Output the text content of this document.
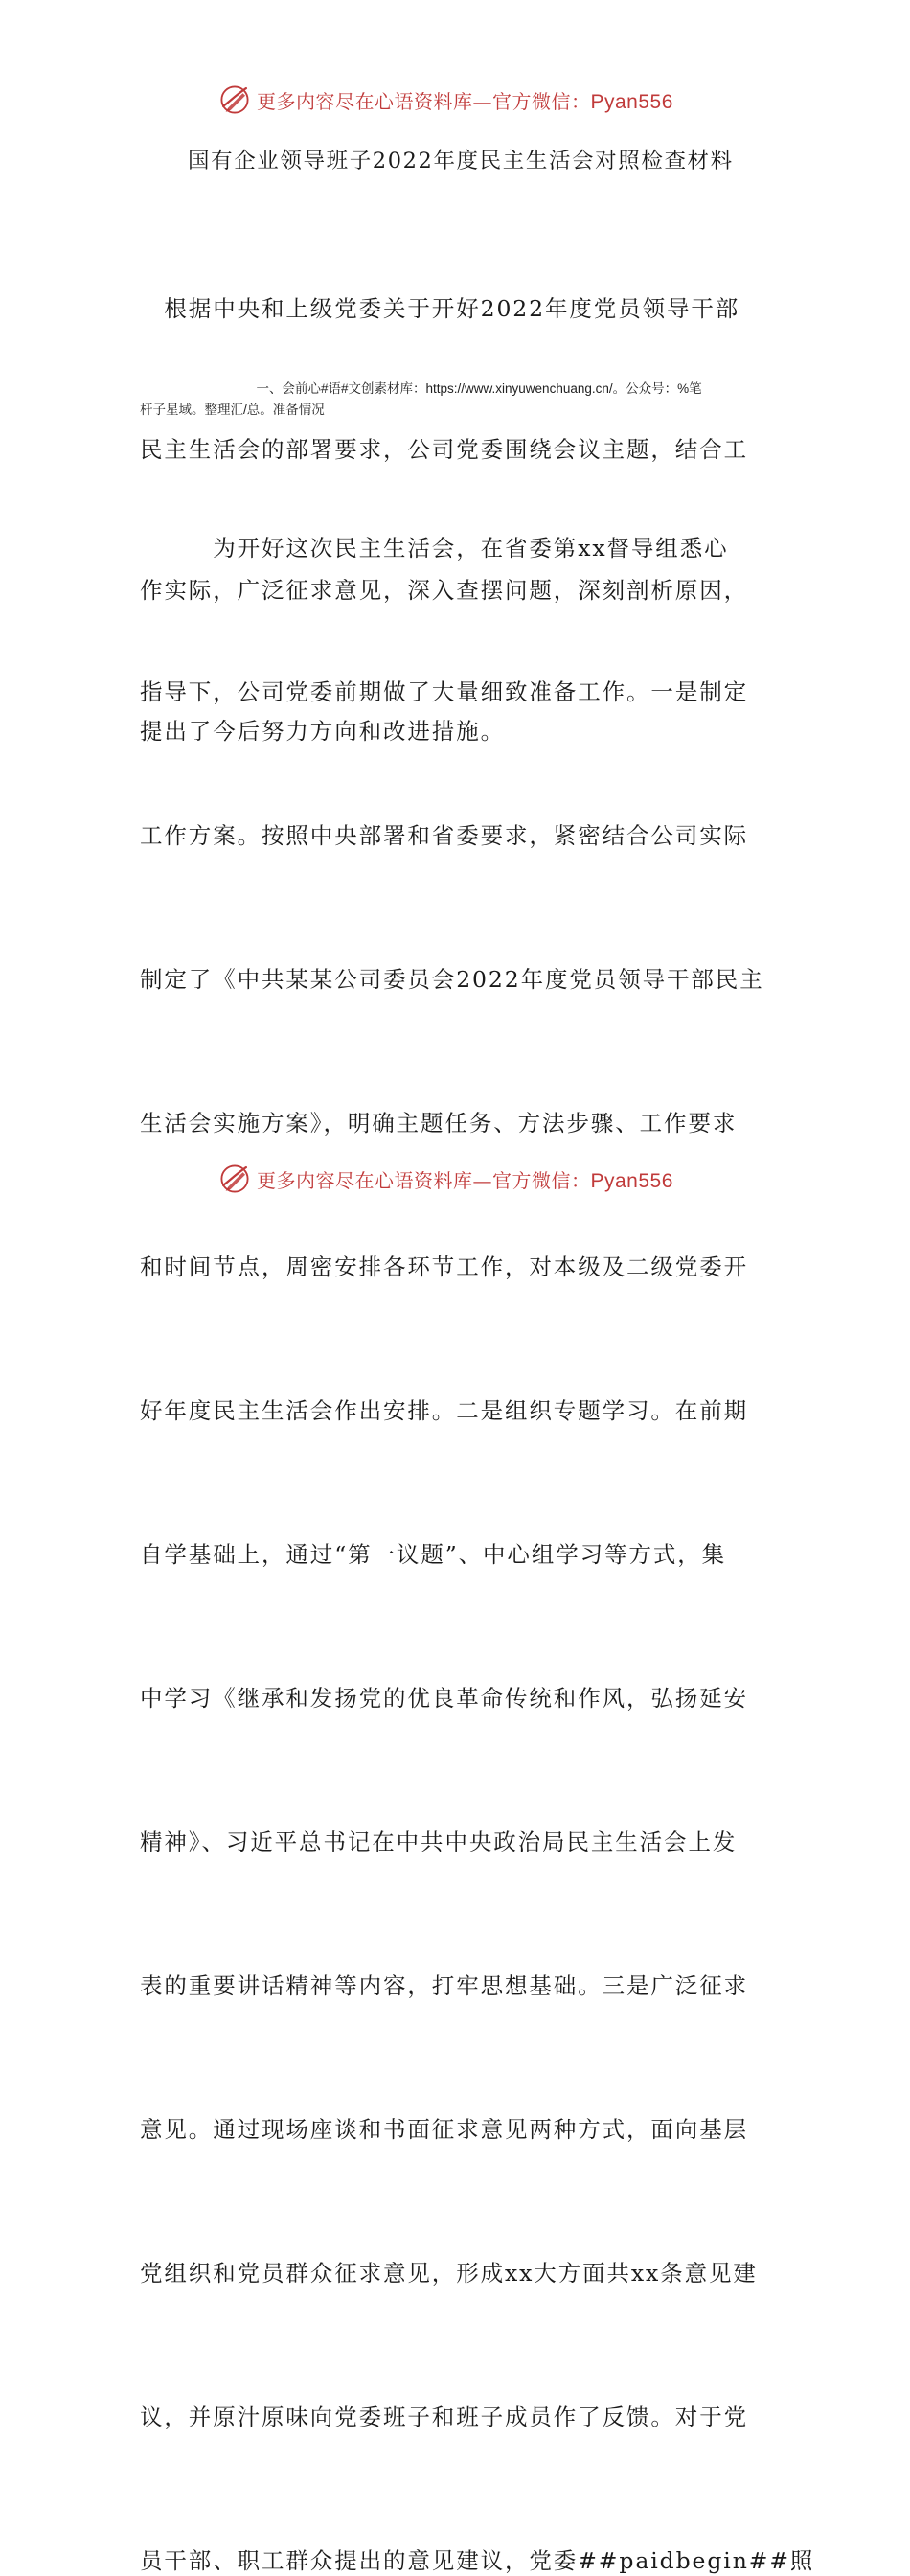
更多内容尽在心语资料库—官方微信：Pyan556
国有企业领导班子2022年度民主生活会对照检查材料

　根据中央和上级党委关于开好2022年度党员领导干部

民主生活会的部署要求，公司党委围绕会议主题，结合工

作实际，广泛征求意见，深入查摆问题，深刻剖析原因，

提出了今后努力方向和改进措施。

　　　　　　　　　一、会前心#语#文创素材库：https://www.xinyuwenchuang.cn/。公众号：%笔
杆子星域。整理汇/总。准备情况

　　　为开好这次民主生活会，在省委第xx督导组悉心

指导下，公司党委前期做了大量细致准备工作。一是制定

工作方案。按照中央部署和省委要求，紧密结合公司实际

制定了《中共某某公司委员会2022年度党员领导干部民主

生活会实施方案》，明确主题任务、方法步骤、工作要求

和时间节点，周密安排各环节工作，对本级及二级党委开

好年度民主生活会作出安排。二是组织专题学习。在前期

自学基础上，通过“第一议题”、中心组学习等方式，集

中学习《继承和发扬党的优良革命传统和作风，弘扬延安

精神》、习近平总书记在中共中央政治局民主生活会上发

表的重要讲话精神等内容，打牢思想基础。三是广泛征求

意见。通过现场座谈和书面征求意见两种方式，面向基层

党组织和党员群众征求意见，形成xx大方面共xx条意见建

议，并原汁原味向党委班子和班子成员作了反馈。对于党

员干部、职工群众提出的意见建议，党委##paidbegin##照

更多内容尽在心语资料库—官方微信：Pyan556
